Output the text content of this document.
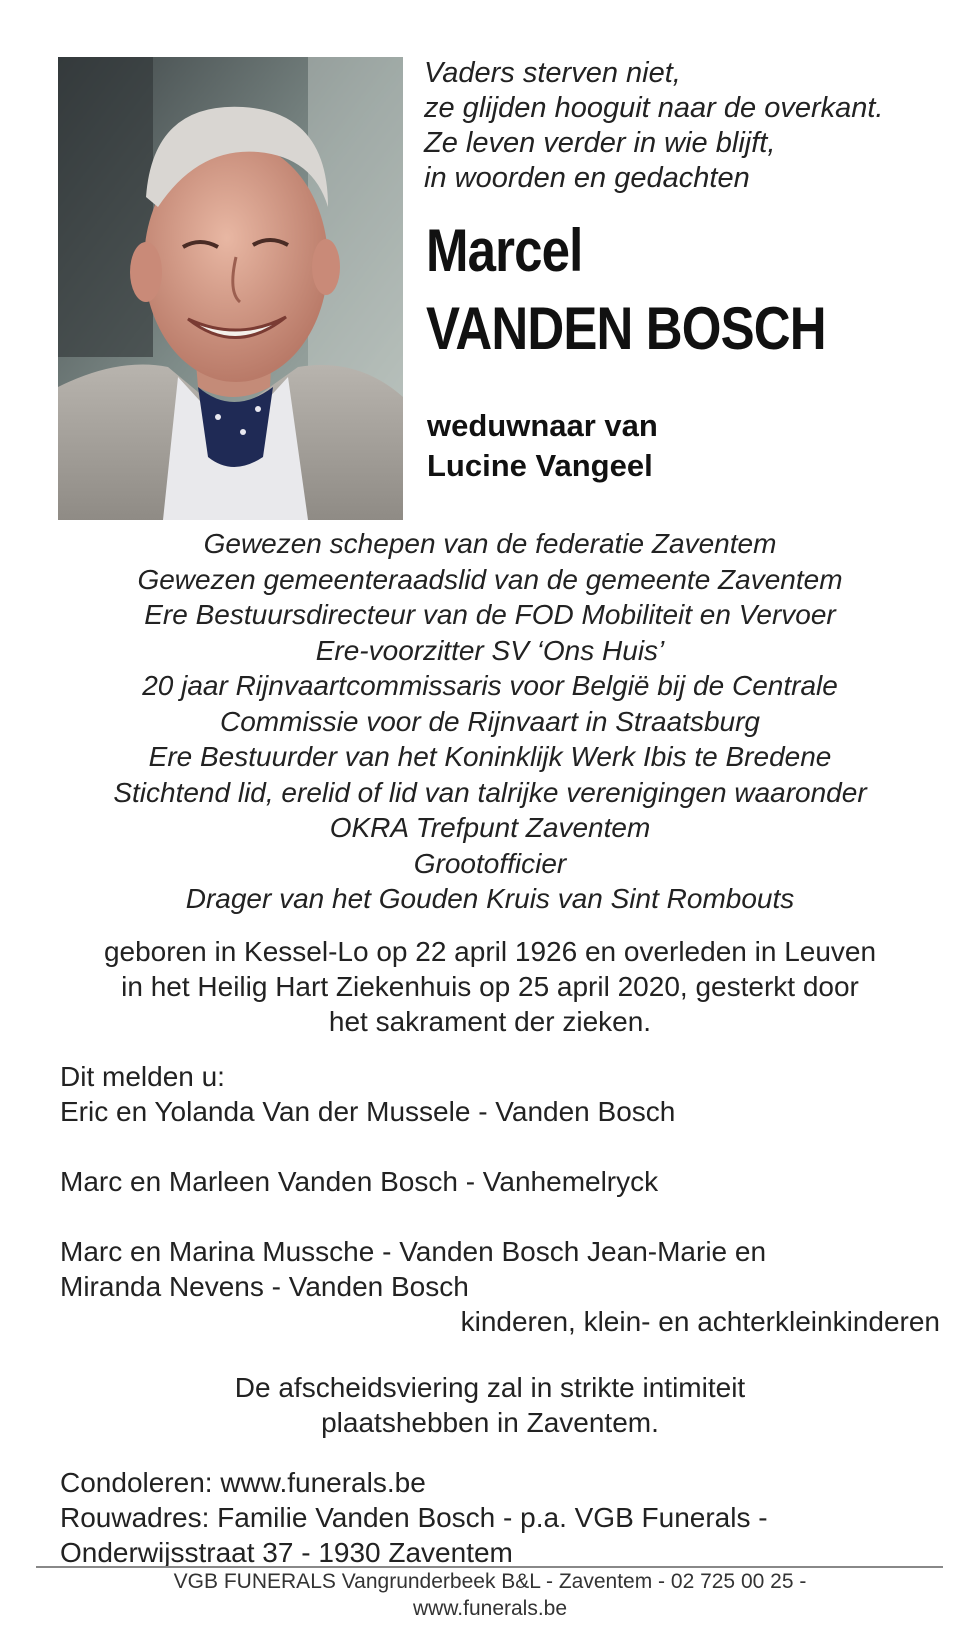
Vaders sterven niet,
ze glijden hooguit naar de overkant.
Ze leven verder in wie blijft,
in woorden en gedachten
Marcel
VANDEN BOSCH
weduwnaar van
Lucine Vangeel
Gewezen schepen van de federatie Zaventem
Gewezen gemeenteraadslid van de gemeente Zaventem
Ere Bestuursdirecteur van de FOD Mobiliteit en Vervoer
Ere-voorzitter SV ‘Ons Huis’
20 jaar Rijnvaartcommissaris voor België bij de Centrale
Commissie voor de Rijnvaart in Straatsburg
Ere Bestuurder van het Koninklijk Werk Ibis te Bredene
Stichtend lid, erelid of lid van talrijke verenigingen waaronder
OKRA Trefpunt Zaventem
Grootofficier
Drager van het Gouden Kruis van Sint Rombouts
geboren in Kessel-Lo op 22 april 1926 en overleden in Leuven
in het Heilig Hart Ziekenhuis op 25 april 2020, gesterkt door
het sakrament der zieken.
Dit melden u:
Eric en Yolanda Van der Mussele - Vanden Bosch
Marc en Marleen Vanden Bosch - Vanhemelryck
Marc en Marina Mussche - Vanden Bosch Jean-Marie en
Miranda Nevens - Vanden Bosch
kinderen, klein- en achterkleinkinderen
De afscheidsviering zal in strikte intimiteit
plaatshebben in Zaventem.
Condoleren: www.funerals.be
Rouwadres: Familie Vanden Bosch - p.a. VGB Funerals -
Onderwijsstraat 37 - 1930 Zaventem
VGB FUNERALS Vangrunderbeek B&L - Zaventem - 02 725 00 25 -
www.funerals.be
